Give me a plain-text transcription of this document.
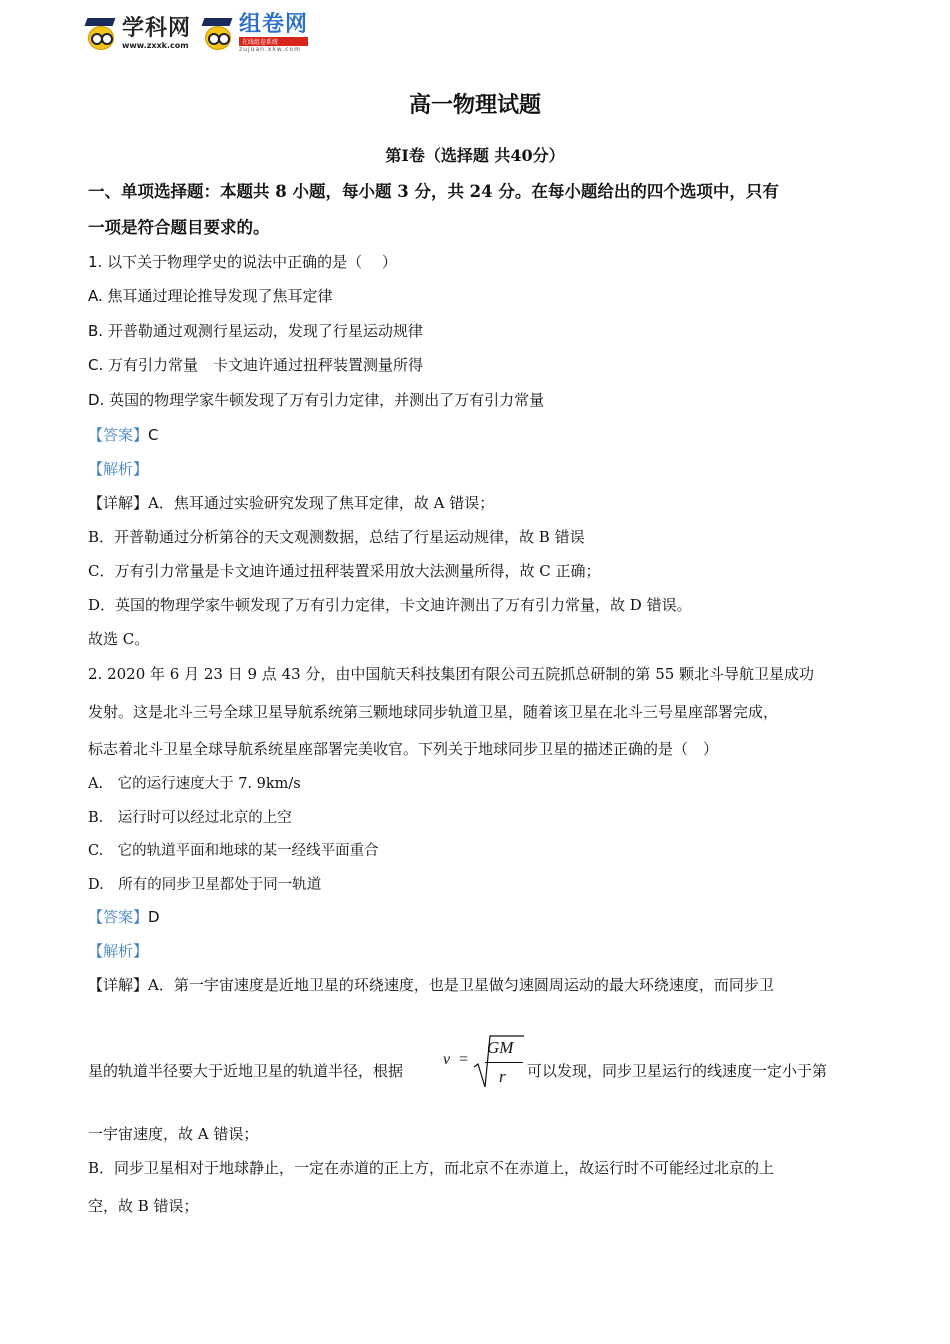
学科网
www.zxxk.com
组卷网
在线组卷系统
zujuan.xkw.com
高一物理试题
第Ⅰ卷（选择题 共40分）
一、单项选择题：本题共 8 小题，每小题 3 分，共 24 分。在每小题给出的四个选项中，只有
一项是符合题目要求的。
1. 以下关于物理学史的说法中正确的是（　 ）
A. 焦耳通过理论推导发现了焦耳定律
B. 开普勒通过观测行星运动，发现了行星运动规律
C. 万有引力常量　卡文迪许通过扭秤装置测量所得
D. 英国的物理学家牛顿发现了万有引力定律，并测出了万有引力常量
【答案】C
【解析】
【详解】A．焦耳通过实验研究发现了焦耳定律，故 A 错误；
B．开普勒通过分析第谷的天文观测数据，总结了行星运动规律，故 B 错误
C．万有引力常量是卡文迪许通过扭秤装置采用放大法测量所得，故 C 正确；
D．英国的物理学家牛顿发现了万有引力定律，卡文迪许测出了万有引力常量，故 D 错误。
故选 C。
2. 2020 年 6 月 23 日 9 点 43 分，由中国航天科技集团有限公司五院抓总研制的第 55 颗北斗导航卫星成功
发射。这是北斗三号全球卫星导航系统第三颗地球同步轨道卫星，随着该卫星在北斗三号星座部署完成，
标志着北斗卫星全球导航系统星座部署完美收官。下列关于地球同步卫星的描述正确的是（　）
A.　它的运行速度大于 7. 9km/s
B.　运行时可以经过北京的上空
C.　它的轨道平面和地球的某一经线平面重合
D.　所有的同步卫星都处于同一轨道
【答案】D
【解析】
【详解】A．第一宇宙速度是近地卫星的环绕速度，也是卫星做匀速圆周运动的最大环绕速度，而同步卫
星的轨道半径要大于近地卫星的轨道半径，根据
v =
GM
r 可以发现，同步卫星运行的线速度一定小于第
一宇宙速度，故 A 错误；
B．同步卫星相对于地球静止，一定在赤道的正上方，而北京不在赤道上，故运行时不可能经过北京的上
空，故 B 错误；
